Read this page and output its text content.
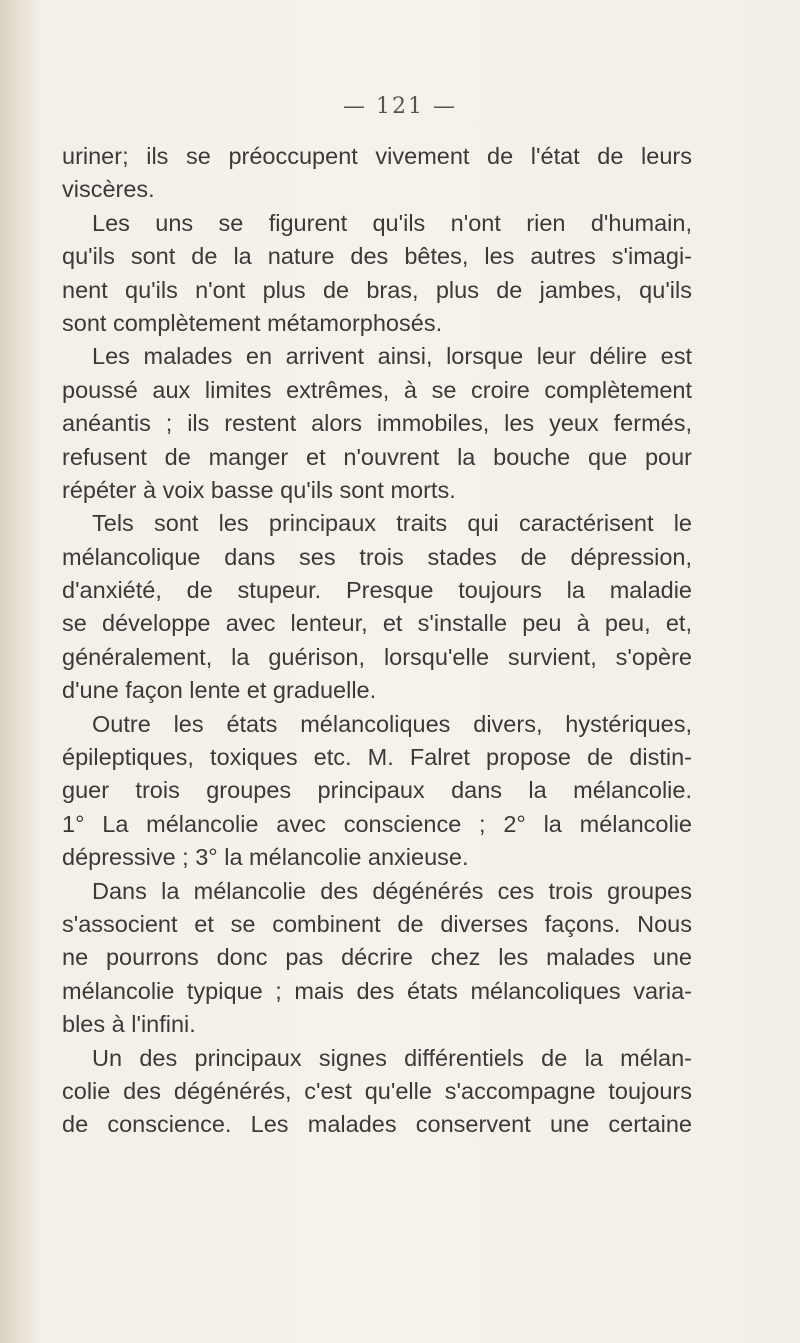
— 121 —
uriner; ils se préoccupent vivement de l'état de leurs
viscères.
Les uns se figurent qu'ils n'ont rien d'humain,
qu'ils sont de la nature des bêtes, les autres s'imagi-
nent qu'ils n'ont plus de bras, plus de jambes, qu'ils
sont complètement métamorphosés.
Les malades en arrivent ainsi, lorsque leur délire est
poussé aux limites extrêmes, à se croire complètement
anéantis ; ils restent alors immobiles, les yeux fermés,
refusent de manger et n'ouvrent la bouche que pour
répéter à voix basse qu'ils sont morts.
Tels sont les principaux traits qui caractérisent le
mélancolique dans ses trois stades de dépression,
d'anxiété, de stupeur. Presque toujours la maladie
se développe avec lenteur, et s'installe peu à peu, et,
généralement, la guérison, lorsqu'elle survient, s'opère
d'une façon lente et graduelle.
Outre les états mélancoliques divers, hystériques,
épileptiques, toxiques etc. M. Falret propose de distin-
guer trois groupes principaux dans la mélancolie.
1° La mélancolie avec conscience ; 2° la mélancolie
dépressive ; 3° la mélancolie anxieuse.
Dans la mélancolie des dégénérés ces trois groupes
s'associent et se combinent de diverses façons. Nous
ne pourrons donc pas décrire chez les malades une
mélancolie typique ; mais des états mélancoliques varia-
bles à l'infini.
Un des principaux signes différentiels de la mélan-
colie des dégénérés, c'est qu'elle s'accompagne toujours
de conscience. Les malades conservent une certaine
